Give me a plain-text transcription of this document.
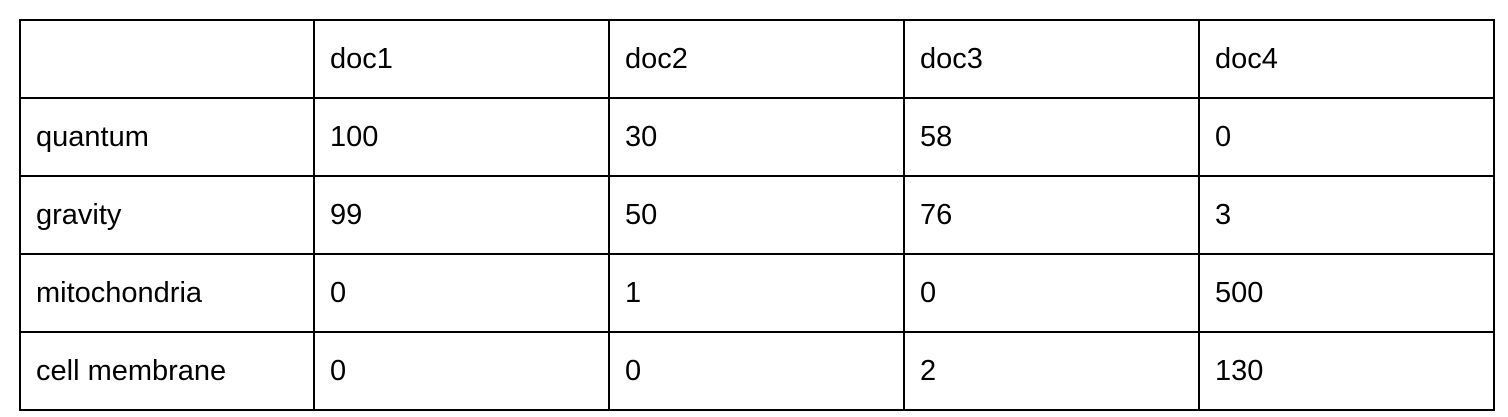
	doc1	doc2	doc3	doc4
quantum	100	30	58	0
gravity	99	50	76	3
mitochondria	0	1	0	500
cell membrane	0	0	2	130
